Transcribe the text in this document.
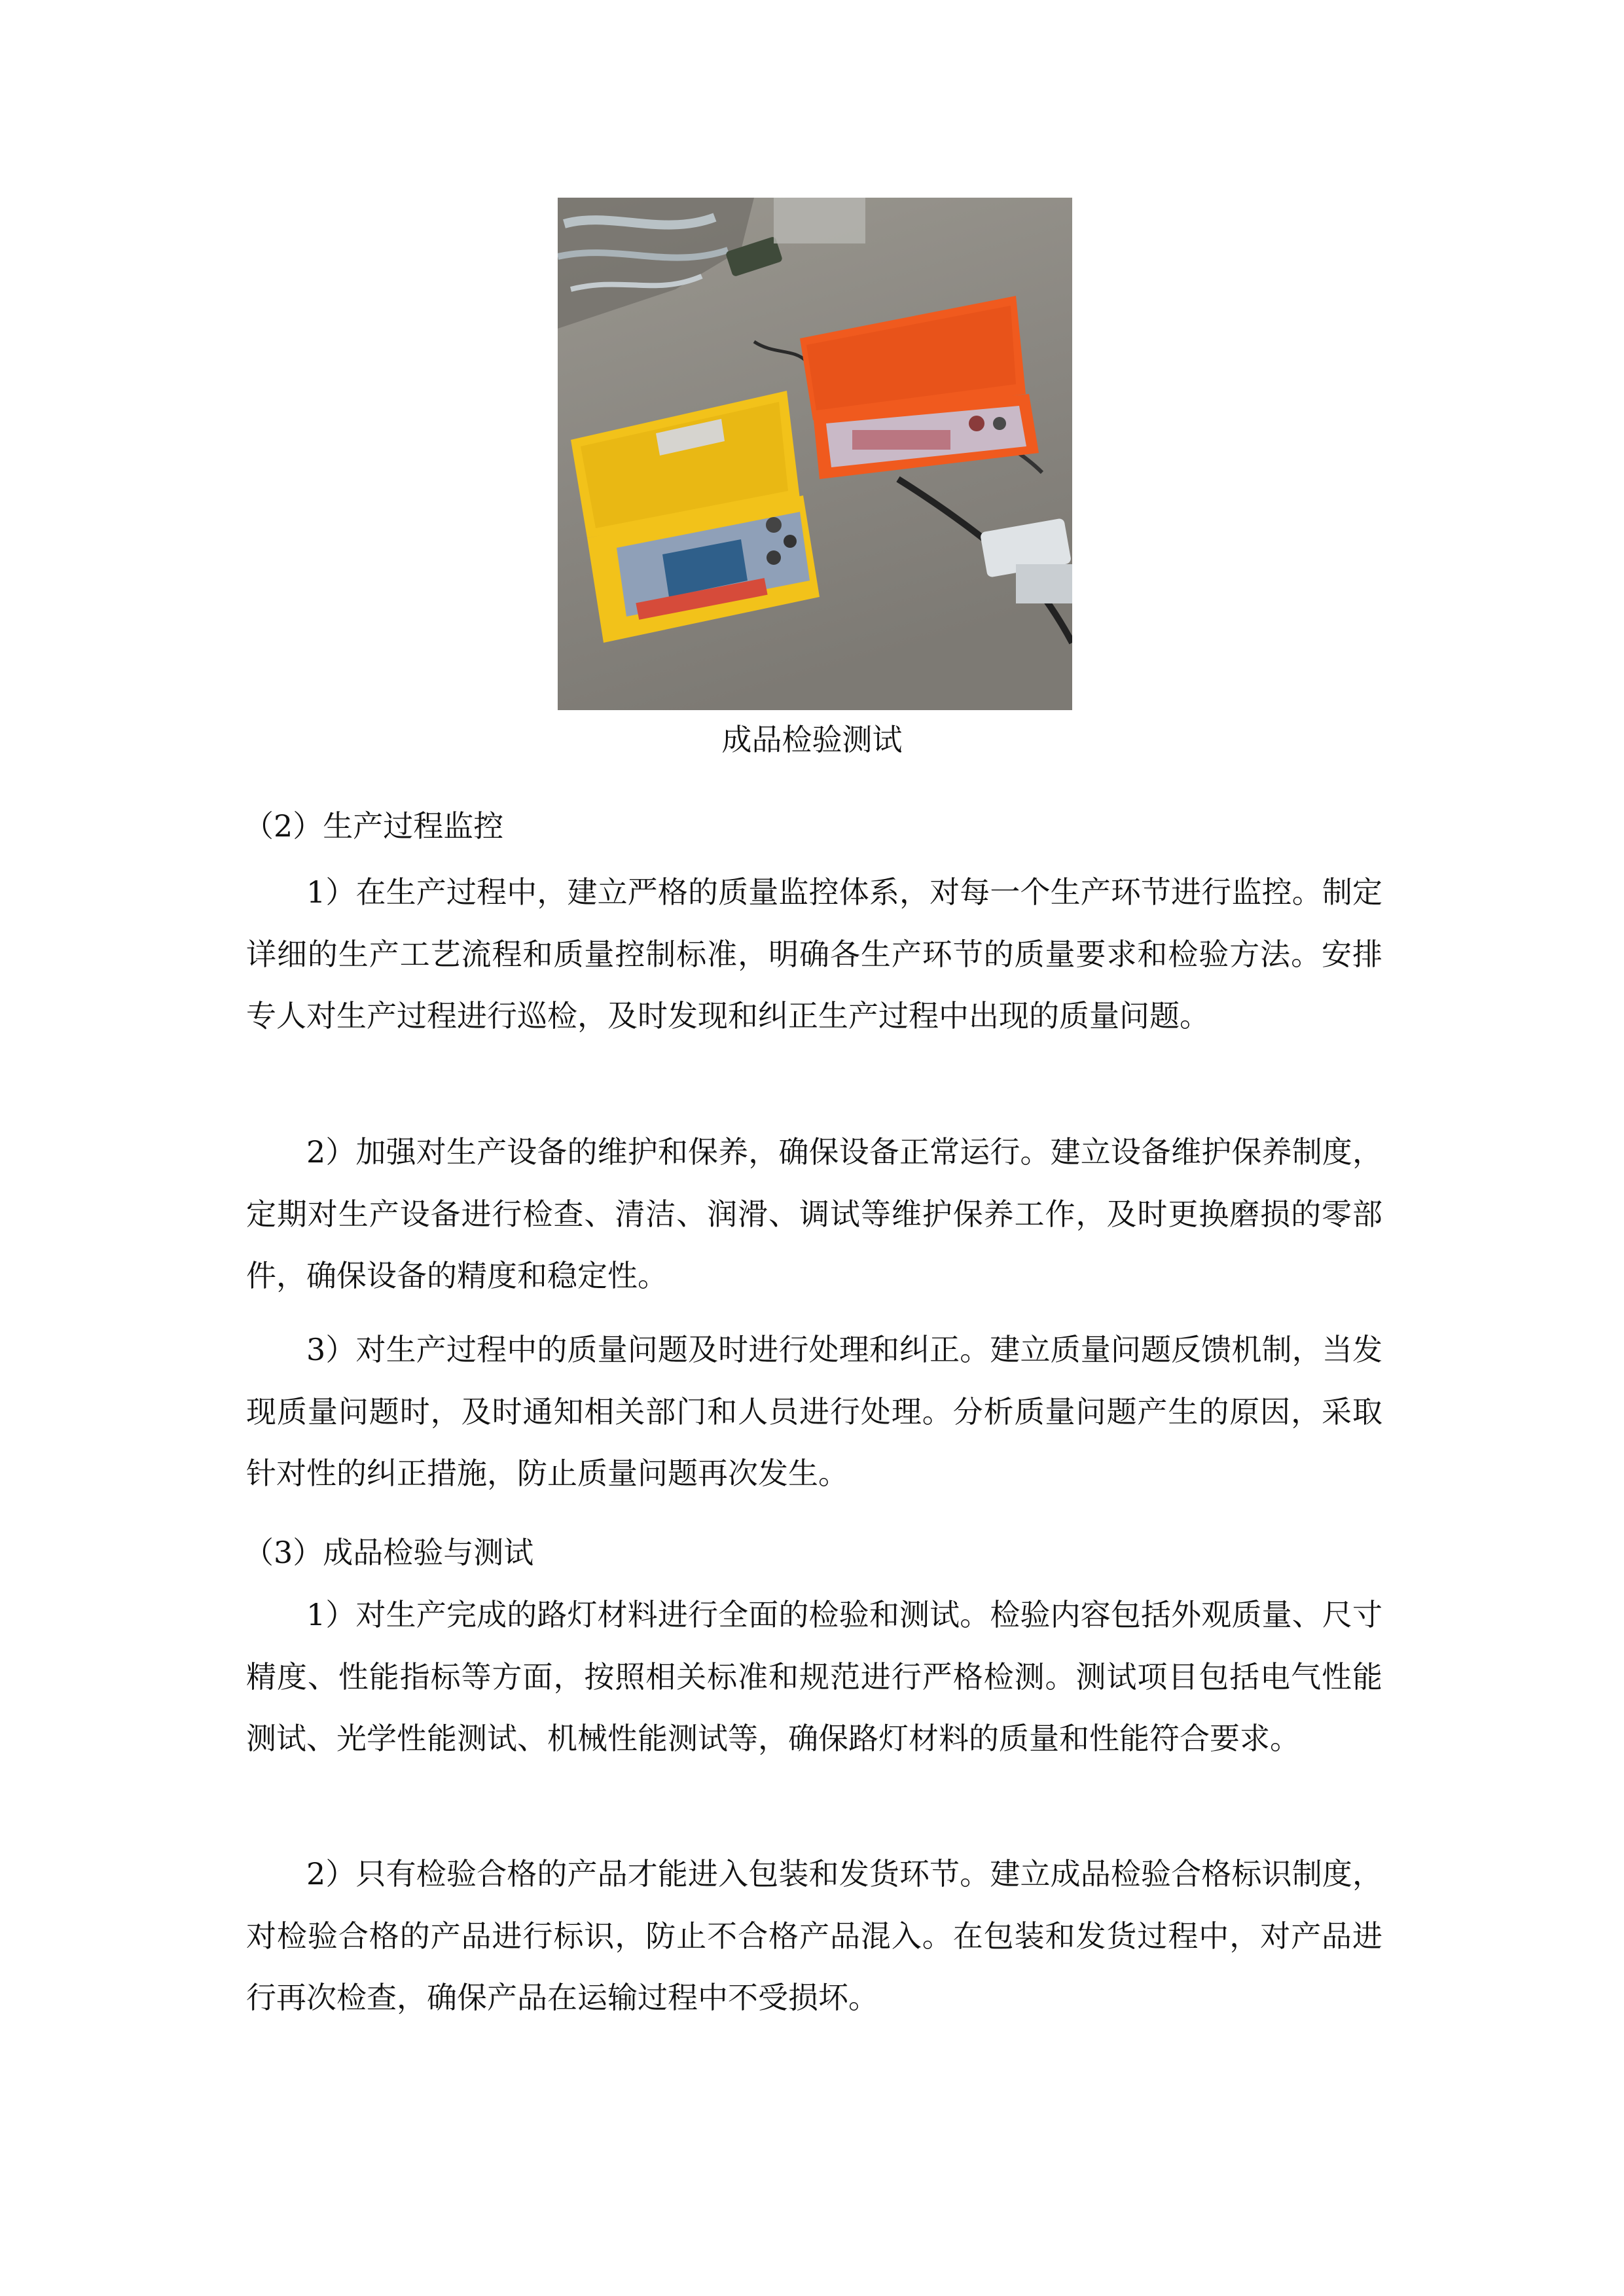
成品检验测试

（2）生产过程监控

1）在生产过程中，建立严格的质量监控体系，对每一个生产环节进行监控。制定详细的生产工艺流程和质量控制标准，明确各生产环节的质量要求和检验方法。安排专人对生产过程进行巡检，及时发现和纠正生产过程中出现的质量问题。

2）加强对生产设备的维护和保养，确保设备正常运行。建立设备维护保养制度，定期对生产设备进行检查、清洁、润滑、调试等维护保养工作，及时更换磨损的零部件，确保设备的精度和稳定性。

3）对生产过程中的质量问题及时进行处理和纠正。建立质量问题反馈机制，当发现质量问题时，及时通知相关部门和人员进行处理。分析质量问题产生的原因，采取针对性的纠正措施，防止质量问题再次发生。

（3）成品检验与测试

1）对生产完成的路灯材料进行全面的检验和测试。检验内容包括外观质量、尺寸精度、性能指标等方面，按照相关标准和规范进行严格检测。测试项目包括电气性能测试、光学性能测试、机械性能测试等，确保路灯材料的质量和性能符合要求。

2）只有检验合格的产品才能进入包装和发货环节。建立成品检验合格标识制度，对检验合格的产品进行标识，防止不合格产品混入。在包装和发货过程中，对产品进行再次检查，确保产品在运输过程中不受损坏。
